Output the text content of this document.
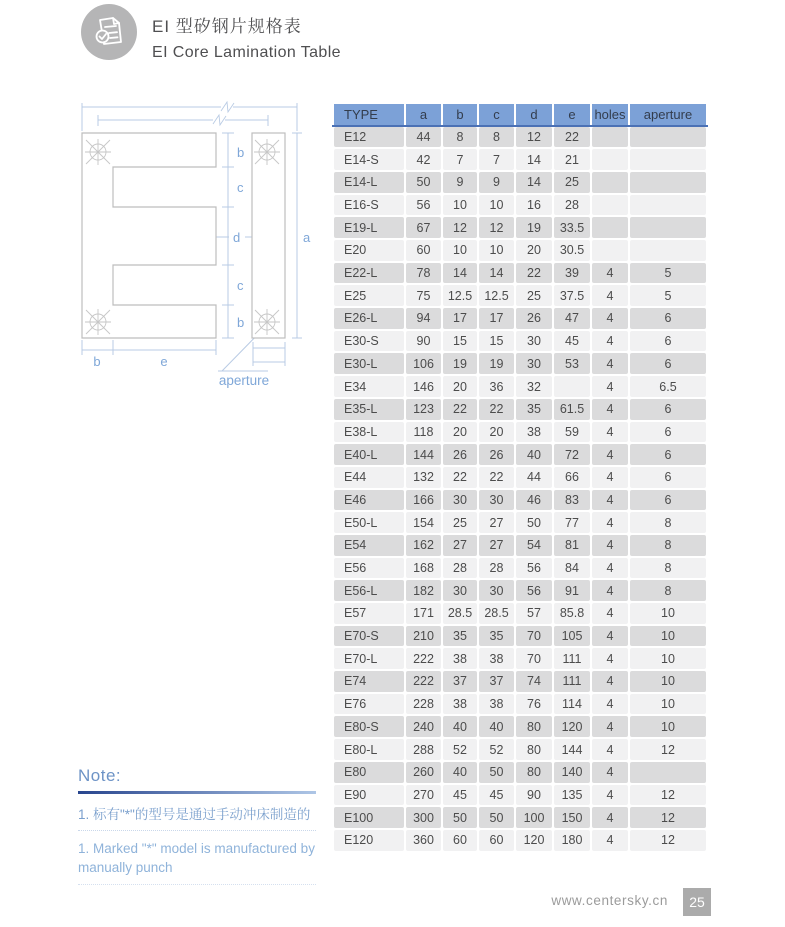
EI 型矽钢片规格表
EI Core Lamination Table
b
c
d
c
b
a
b	e
aperture
TYPE	a	b	c	d	e	holes	aperture
E12	44	8	8	12	22		
E14-S	42	7	7	14	21		
E14-L	50	9	9	14	25		
E16-S	56	10	10	16	28		
E19-L	67	12	12	19	33.5		
E20	60	10	10	20	30.5		
E22-L	78	14	14	22	39	4	5
E25	75	12.5	12.5	25	37.5	4	5
E26-L	94	17	17	26	47	4	6
E30-S	90	15	15	30	45	4	6
E30-L	106	19	19	30	53	4	6
E34	146	20	36	32		4	6.5
E35-L	123	22	22	35	61.5	4	6
E38-L	118	20	20	38	59	4	6
E40-L	144	26	26	40	72	4	6
E44	132	22	22	44	66	4	6
E46	166	30	30	46	83	4	6
E50-L	154	25	27	50	77	4	8
E54	162	27	27	54	81	4	8
E56	168	28	28	56	84	4	8
E56-L	182	30	30	56	91	4	8
E57	171	28.5	28.5	57	85.8	4	10
E70-S	210	35	35	70	105	4	10
E70-L	222	38	38	70	111	4	10
E74	222	37	37	74	111	4	10
E76	228	38	38	76	114	4	10
E80-S	240	40	40	80	120	4	10
E80-L	288	52	52	80	144	4	12
E80	260	40	50	80	140	4	
E90	270	45	45	90	135	4	12
E100	300	50	50	100	150	4	12
E120	360	60	60	120	180	4	12
Note:
1. 标有"*"的型号是通过手动冲床制造的
1. Marked "*" model is manufactured by manually punch
www.centersky.cn	25
